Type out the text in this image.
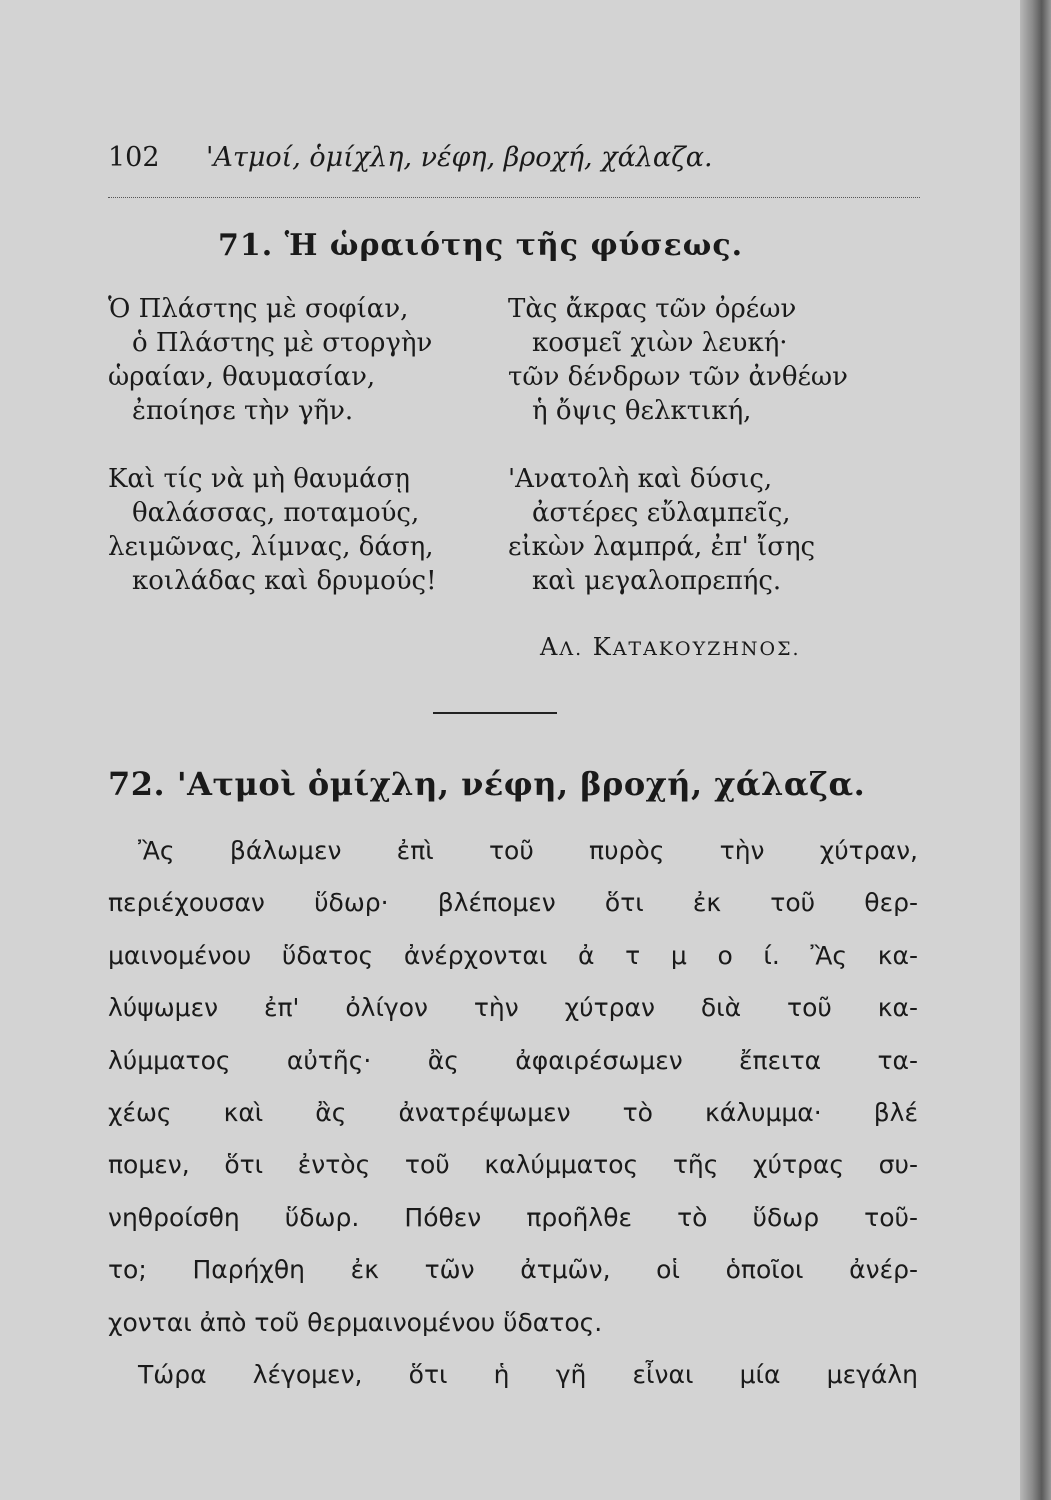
102 'Ατμοί, ὁμίχλη, νέφη, βροχή, χάλαζα.
71. Ἡ ὡραιότης τῆς φύσεως.
Ὁ Πλάστης μὲ σοφίαν,
ὁ Πλάστης μὲ στοργὴν
ὡραίαν, θαυμασίαν,
ἐποίησε τὴν γῆν.
Καὶ τίς νὰ μὴ θαυμάσῃ
θαλάσσας, ποταμούς,
λειμῶνας, λίμνας, δάση,
κοιλάδας καὶ δρυμούς!
Τὰς ἄκρας τῶν ὀρέων
κοσμεῖ χιὼν λευκή·
τῶν δένδρων τῶν ἀνθέων
ἡ ὄψις θελκτική,
'Ανατολὴ καὶ δύσις,
ἀστέρες εὔλαμπεῖς,
εἰκὼν λαμπρά, ἐπ' ἴσης
καὶ μεγαλοπρεπής.
ΑΛ. ΚΑΤΑΚΟΥΖΗΝΟΣ.
72. 'Ατμοὶ ὁμίχλη, νέφη, βροχή, χάλαζα.
Ἂς βάλωμεν ἐπὶ τοῦ πυρὸς τὴν χύτραν,
περιέχουσαν ὕδωρ· βλέπομεν ὅτι ἐκ τοῦ θερ-
μαινομένου ὕδατος ἀνέρχονται ἀ τ μ ο ί. Ἂς κα-
λύψωμεν ἐπ' ὀλίγον τὴν χύτραν διὰ τοῦ κα-
λύμματος αὐτῆς· ἂς ἀφαιρέσωμεν ἔπειτα τα-
χέως καὶ ἂς ἀνατρέψωμεν τὸ κάλυμμα· βλέ
πομεν, ὅτι ἐντὸς τοῦ καλύμματος τῆς χύτρας συ-
νηθροίσθη ὕδωρ. Πόθεν προῆλθε τὸ ὕδωρ τοῦ-
το; Παρήχθη ἐκ τῶν ἀτμῶν, οἱ ὁποῖοι ἀνέρ-
χονται ἀπὸ τοῦ θερμαινομένου ὕδατος.
Τώρα λέγομεν, ὅτι ἡ γῆ εἶναι μία μεγάλη
